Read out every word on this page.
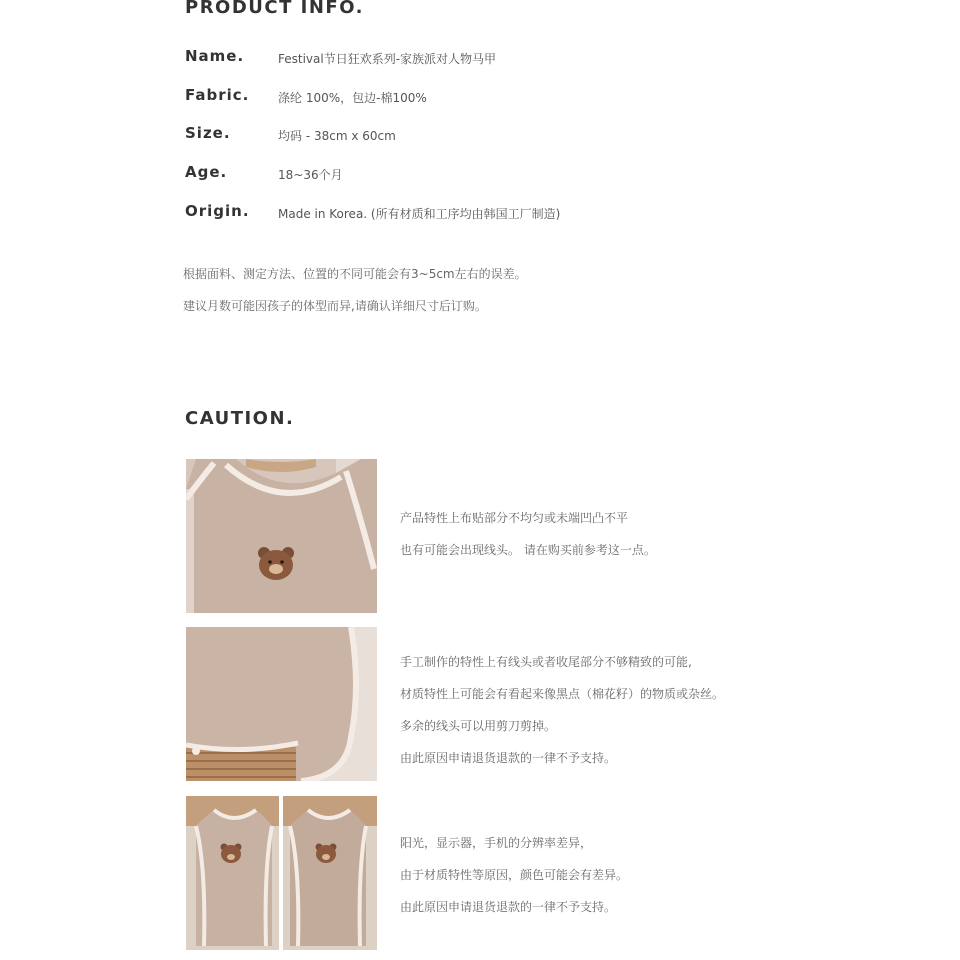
PRODUCT INFO.
Name.	Festival节日狂欢系列-家族派对人物马甲
Fabric. 涤纶 100%，包边-棉100%
Size.	均码 - 38cm x 60cm
Age.	18~36个月
Origin. Made in Korea. (所有材质和工序均由韩国工厂制造)
根据面料、测定方法、位置的不同可能会有3~5cm左右的误差。
建议月数可能因孩子的体型而异,请确认详细尺寸后订购。
CAUTION.
产品特性上布贴部分不均匀或未端凹凸不平
也有可能会出现线头。 请在购买前参考这一点。
手工制作的特性上有线头或者收尾部分不够精致的可能,
材质特性上可能会有看起来像黑点（棉花籽）的物质或杂丝。
多余的线头可以用剪刀剪掉。
由此原因申请退货退款的一律不予支持。
阳光，显示器，手机的分辨率差异，
由于材质特性等原因，颜色可能会有差异。
由此原因申请退货退款的一律不予支持。
